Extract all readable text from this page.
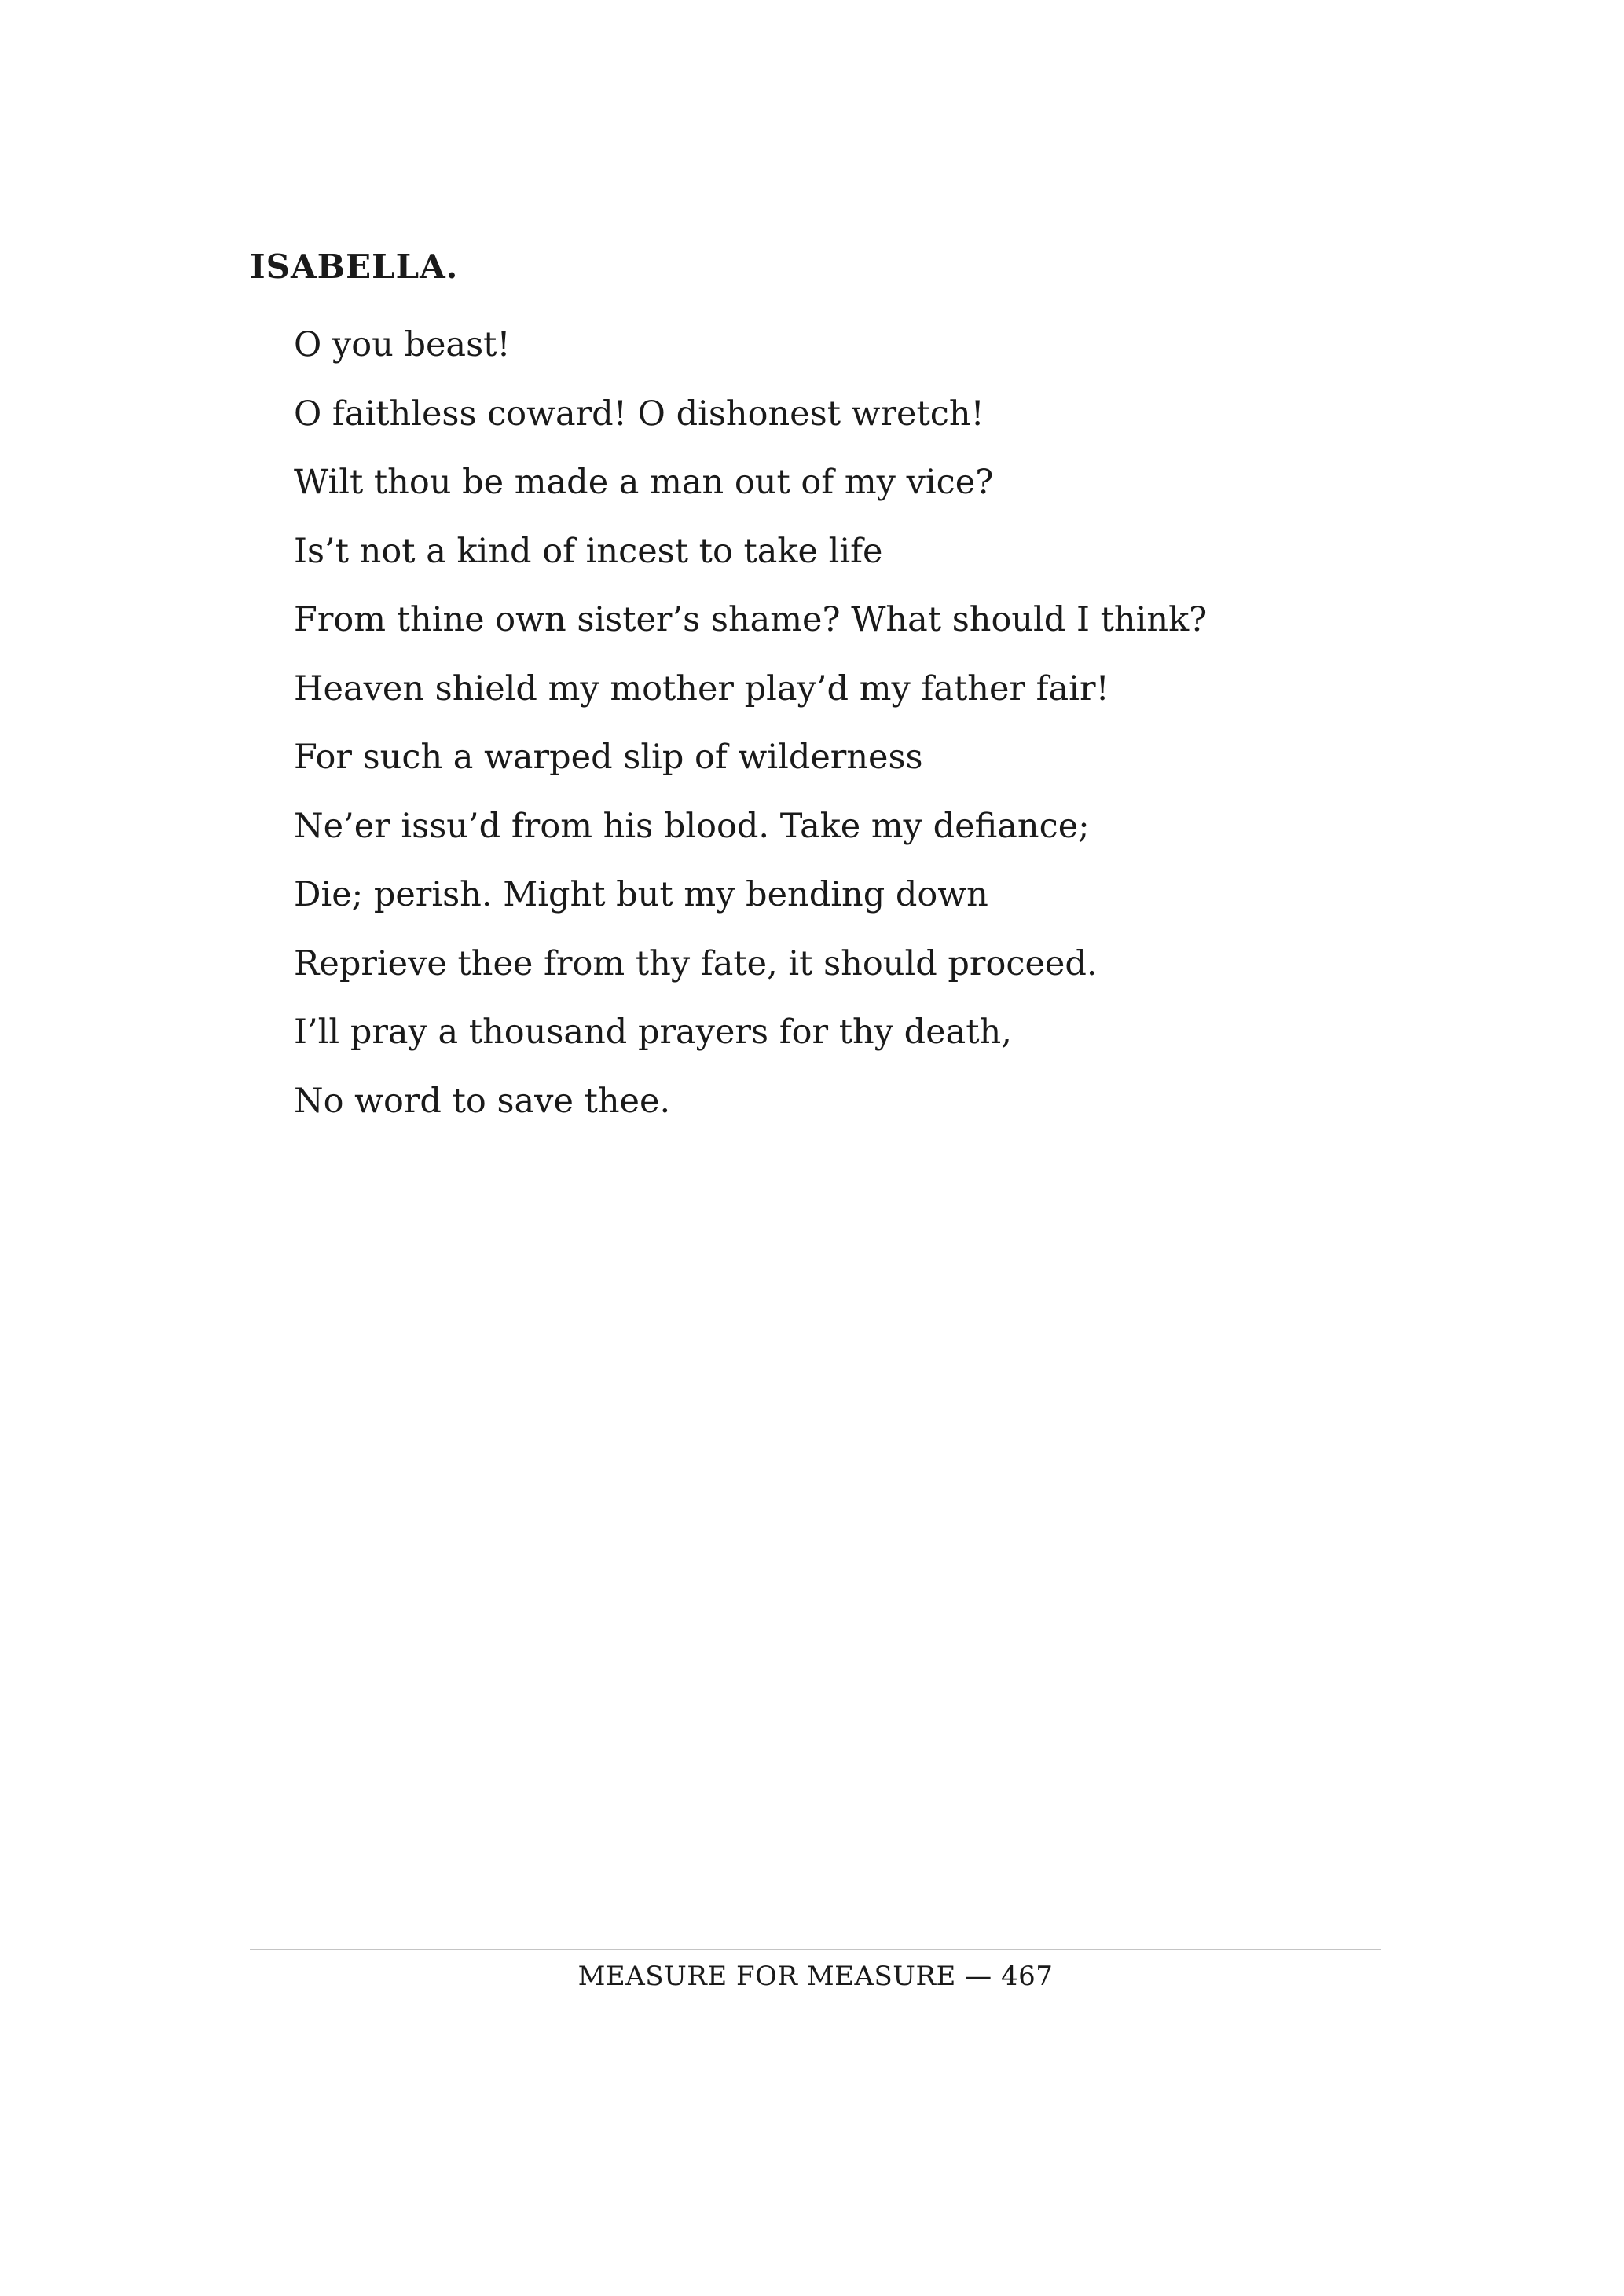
ISABELLA.
O you beast!
O faithless coward! O dishonest wretch!
Wilt thou be made a man out of my vice?
Is’t not a kind of incest to take life
From thine own sister’s shame? What should I think?
Heaven shield my mother play’d my father fair!
For such a warped slip of wilderness
Ne’er issu’d from his blood. Take my defiance;
Die; perish. Might but my bending down
Reprieve thee from thy fate, it should proceed.
I’ll pray a thousand prayers for thy death,
No word to save thee.
MEASURE FOR MEASURE — 467
